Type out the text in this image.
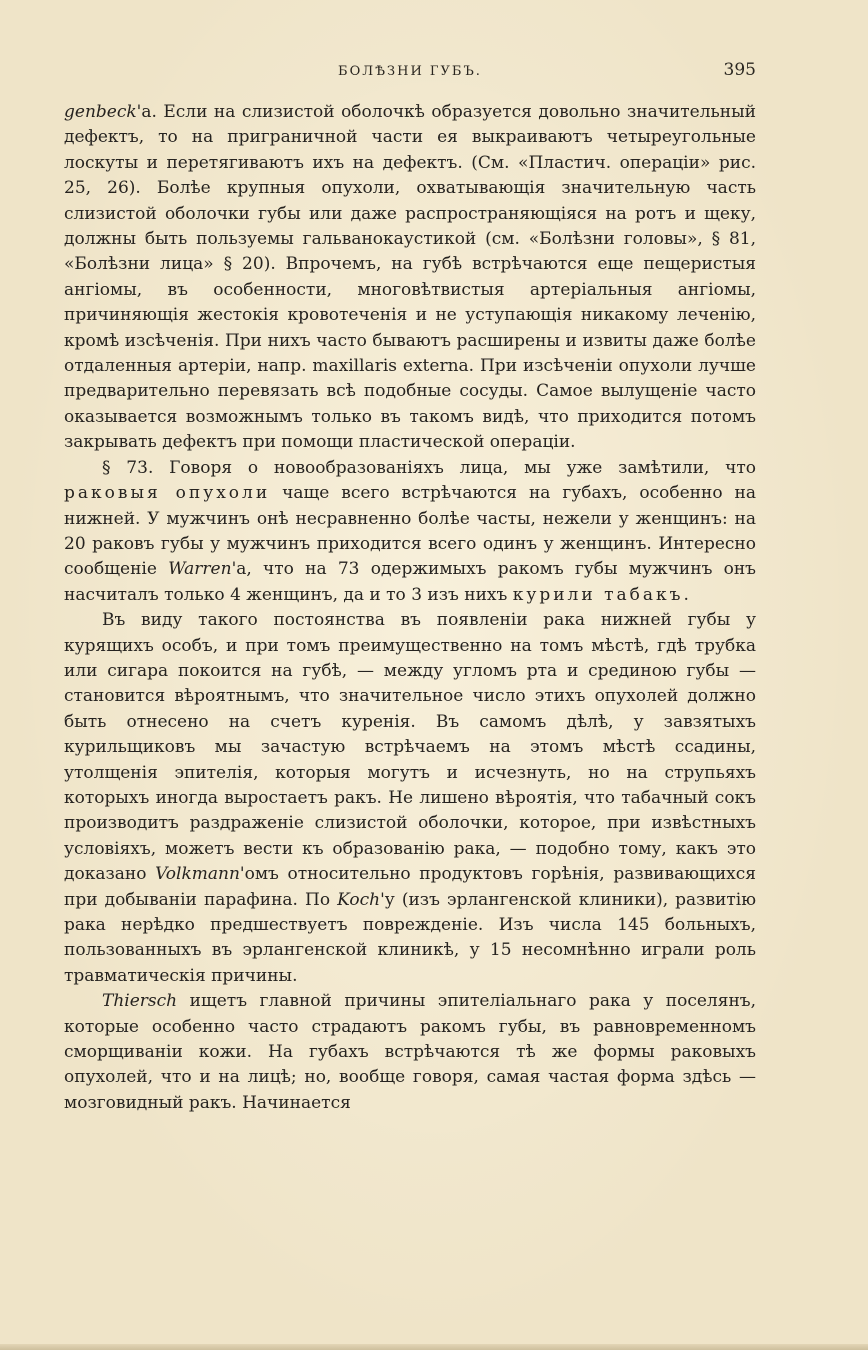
БОЛѢЗНИ ГУБЪ.	395

genbeck'а. Если на слизистой оболочкѣ образуется довольно значительный дефектъ, то на приграничной части ея выкраиваютъ четыреугольные лоскуты и перетягиваютъ ихъ на дефектъ. (См. «Пластич. операціи» рис. 25, 26). Болѣе крупныя опухоли, охватывающія значительную часть слизистой оболочки губы или даже распространяющіяся на ротъ и щеку, должны быть пользуемы гальванокаустикой (см. «Болѣзни головы», § 81, «Болѣзни лица» § 20). Впрочемъ, на губѣ встрѣчаются еще пещеристыя ангіомы, въ особенности, многовѣтвистыя артеріальныя ангіомы, причиняющія жестокія кровотеченія и не уступающія никакому леченію, кромѣ изсѣченія. При нихъ часто бываютъ расширены и извиты даже болѣе отдаленныя артеріи, напр. maxillaris externa. При изсѣченіи опухоли лучше предварительно перевязать всѣ подобные сосуды. Самое вылущеніе часто оказывается возможнымъ только въ такомъ видѣ, что приходится потомъ закрывать дефектъ при помощи пластической операціи.

§ 73. Говоря о новообразованіяхъ лица, мы уже замѣтили, что раковыя опухоли чаще всего встрѣчаются на губахъ, особенно на нижней. У мужчинъ онѣ несравненно болѣе часты, нежели у женщинъ: на 20 раковъ губы у мужчинъ приходится всего одинъ у женщинъ. Интересно сообщеніе Warren'а, что на 73 одержимыхъ ракомъ губы мужчинъ онъ насчиталъ только 4 женщинъ, да и то 3 изъ нихъ курили табакъ.

Въ виду такого постоянства въ появленіи рака нижней губы у курящихъ особъ, и при томъ преимущественно на томъ мѣстѣ, гдѣ трубка или сигара покоится на губѣ, — между угломъ рта и срединою губы — становится вѣроятнымъ, что значительное число этихъ опухолей должно быть отнесено на счетъ куренія. Въ самомъ дѣлѣ, у завзятыхъ курильщиковъ мы зачастую встрѣчаемъ на этомъ мѣстѣ ссадины, утолщенія эпителія, которыя могутъ и исчезнуть, но на струпьяхъ которыхъ иногда выростаетъ ракъ. Не лишено вѣроятія, что табачный сокъ производитъ раздраженіе слизистой оболочки, которое, при извѣстныхъ условіяхъ, можетъ вести къ образованію рака, — подобно тому, какъ это доказано Volkmann'омъ относительно продуктовъ горѣнія, развивающихся при добываніи парафина. По Koch'у (изъ эрлангенской клиники), развитію рака нерѣдко предшествуетъ поврежденіе. Изъ числа 145 больныхъ, пользованныхъ въ эрлангенской клиникѣ, у 15 несомнѣнно играли роль травматическія причины.

Thiersch ищетъ главной причины эпителіальнаго рака у поселянъ, которые особенно часто страдаютъ ракомъ губы, въ равновременномъ сморщиваніи кожи. На губахъ встрѣчаются тѣ же формы раковыхъ опухолей, что и на лицѣ; но, вообще говоря, самая частая форма здѣсь — мозговидный ракъ. Начинается
